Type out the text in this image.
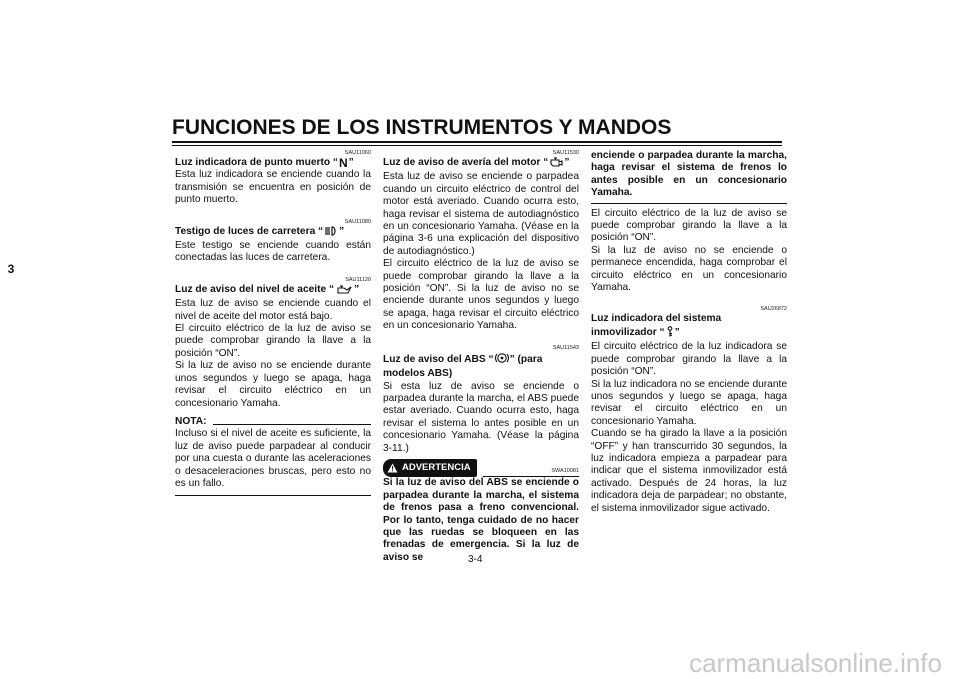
FUNCIONES DE LOS INSTRUMENTOS Y MANDOS
3
SAU11060
Luz indicadora de punto muerto “N”
Esta luz indicadora se enciende cuando la transmisión se encuentra en posición de punto muerto.
SAU11080
Testigo de luces de carretera “ ”
Este testigo se enciende cuando están conectadas las luces de carretera.
SAU11120
Luz de aviso del nivel de aceite “ ”
Esta luz de aviso se enciende cuando el nivel de aceite del motor está bajo.
El circuito eléctrico de la luz de aviso se puede comprobar girando la llave a la posición “ON”.
Si la luz de aviso no se enciende durante unos segundos y luego se apaga, haga revisar el circuito eléctrico en un concesionario Yamaha.
NOTA:
Incluso si el nivel de aceite es suficiente, la luz de aviso puede parpadear al conducir por una cuesta o durante las aceleraciones o desaceleraciones bruscas, pero esto no es un fallo.
SAU11530
Luz de aviso de avería del motor “ ”
Esta luz de aviso se enciende o parpadea cuando un circuito eléctrico de control del motor está averiado. Cuando ocurra esto, haga revisar el sistema de autodiagnóstico en un concesionario Yamaha. (Véase en la página 3-6 una explicación del dispositivo de autodiagnóstico.)
El circuito eléctrico de la luz de aviso se puede comprobar girando la llave a la posición “ON”. Si la luz de aviso no se enciende durante unos segundos y luego se apaga, haga revisar el circuito eléctrico en un concesionario Yamaha.
SAU11543
Luz de aviso del ABS “ ” (para modelos ABS)
Si esta luz de aviso se enciende o parpadea durante la marcha, el ABS puede estar averiado. Cuando ocurra esto, haga revisar el sistema lo antes posible en un concesionario Yamaha. (Véase la página 3-11.)
ADVERTENCIA	SWA10081
Si la luz de aviso del ABS se enciende o parpadea durante la marcha, el sistema de frenos pasa a freno convencional. Por lo tanto, tenga cuidado de no hacer que las ruedas se bloqueen en las frenadas de emergencia. Si la luz de aviso se	3-4
enciende o parpadea durante la marcha, haga revisar el sistema de frenos lo antes posible en un concesionario Yamaha.
El circuito eléctrico de la luz de aviso se puede comprobar girando la llave a la posición “ON”.
Si la luz de aviso no se enciende o permanece encendida, haga comprobar el circuito eléctrico en un concesionario Yamaha.
SAU26872
Luz indicadora del sistema inmovilizador “ ”
El circuito eléctrico de la luz indicadora se puede comprobar girando la llave a la posición “ON”.
Si la luz indicadora no se enciende durante unos segundos y luego se apaga, haga revisar el circuito eléctrico en un concesionario Yamaha.
Cuando se ha girado la llave a la posición “OFF” y han transcurrido 30 segundos, la luz indicadora empieza a parpadear para indicar que el sistema inmovilizador está activado. Después de 24 horas, la luz indicadora deja de parpadear; no obstante, el sistema inmovilizador sigue activado.
carmanualsonline.info
